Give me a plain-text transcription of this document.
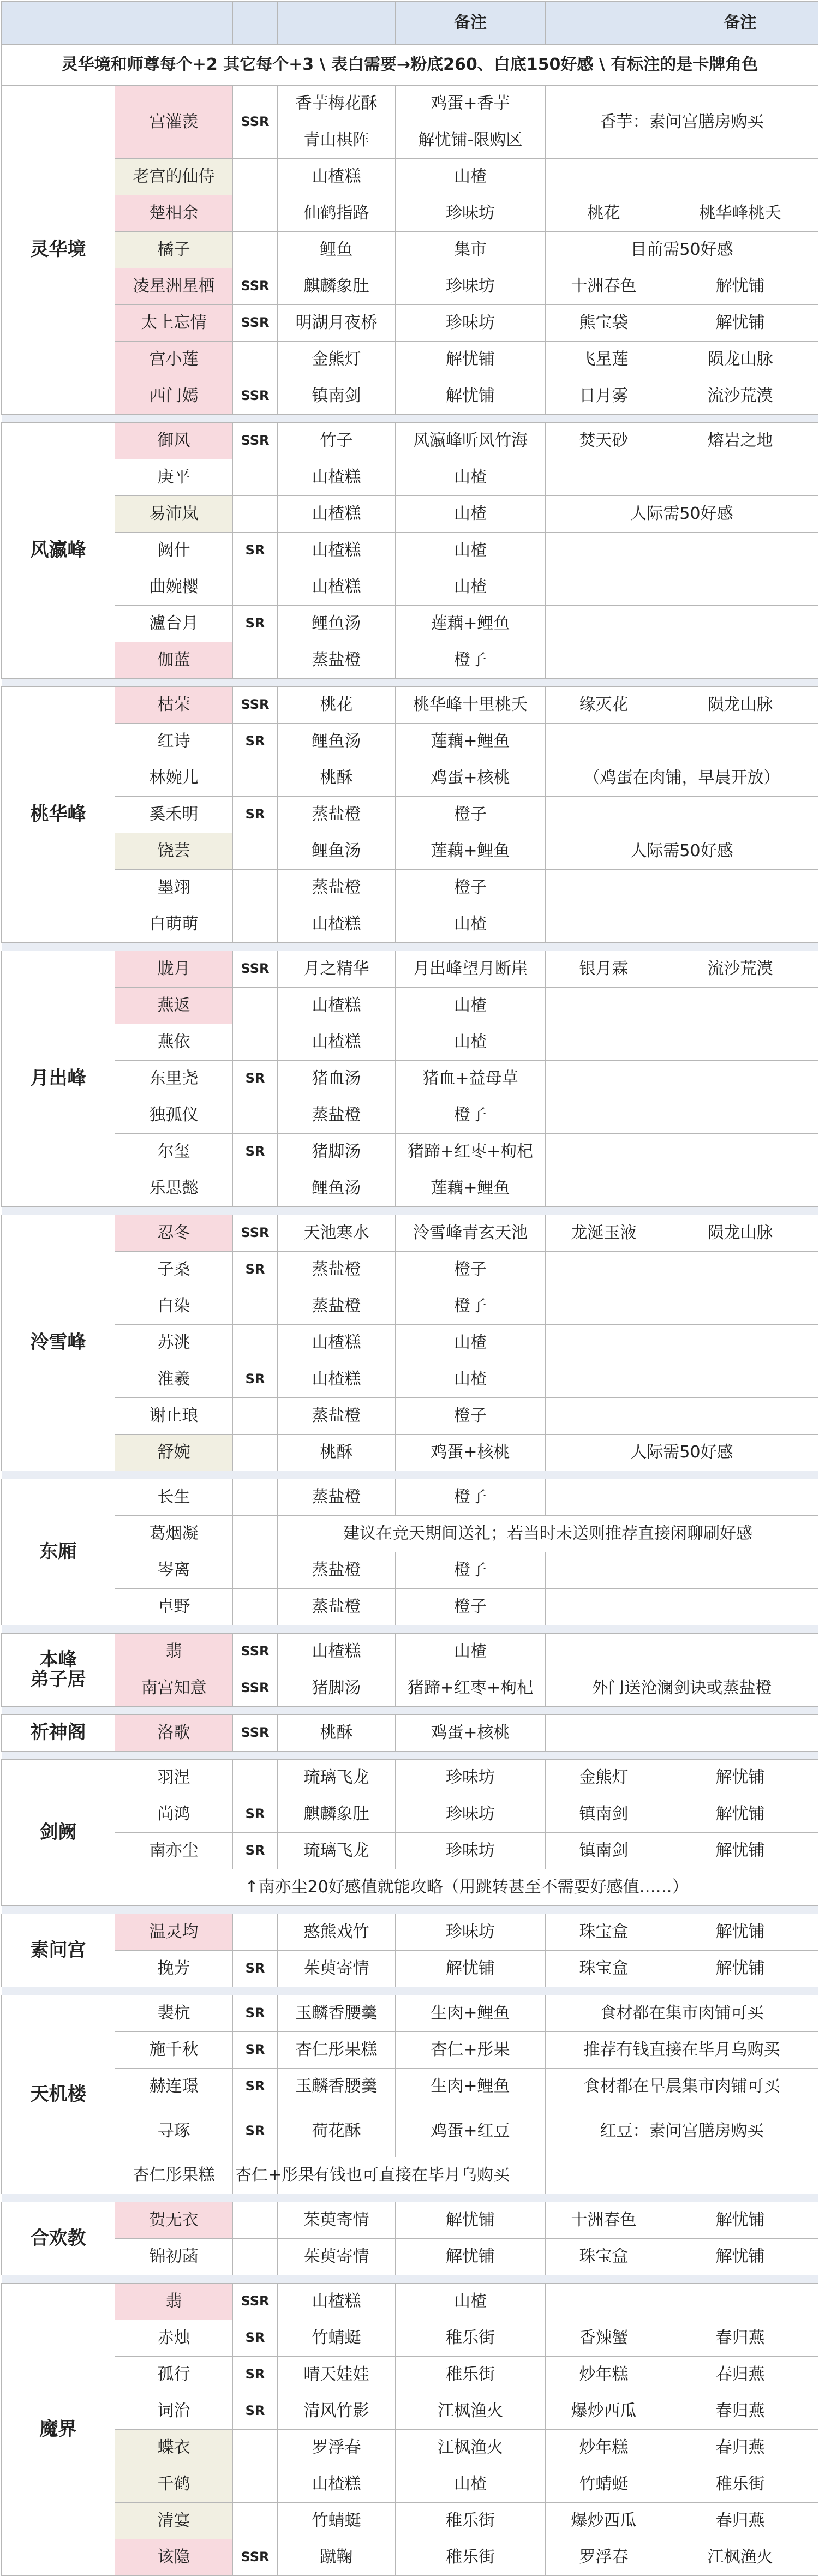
				备注		备注	
灵华境和师尊每个+2 其它每个+3 \ 表白需要→粉底260、白底150好感 \ 有标注的是卡牌角色							
灵华境	宫灌羡	SSR	香芋梅花酥	鸡蛋+香芋	香芋：素问宫膳房购买		
			青山棋阵	解忧铺-限购区			
	老宫的仙侍		山楂糕	山楂			
	楚相余		仙鹤指路	珍味坊	桃花	桃华峰桃夭	
	橘子		鲤鱼	集市	目前需50好感		
	凌星洲星栖	SSR	麒麟象肚	珍味坊	十洲春色	解忧铺	
	太上忘情	SSR	明湖月夜桥	珍味坊	熊宝袋	解忧铺	
	宫小莲		金熊灯	解忧铺	飞星莲	陨龙山脉	
	西门嫣	SSR	镇南剑	解忧铺	日月雾	流沙荒漠	

风瀛峰	御风	SSR	竹子	风瀛峰听风竹海	焚天砂	熔岩之地	
	庚平		山楂糕	山楂			
	易沛岚		山楂糕	山楂	人际需50好感		
	阙什	SR	山楂糕	山楂			
	曲婉樱		山楂糕	山楂			
	瀘台月	SR	鲤鱼汤	莲藕+鲤鱼			
	伽蓝		蒸盐橙	橙子			

桃华峰	枯荣	SSR	桃花	桃华峰十里桃夭	缘灭花	陨龙山脉	
	红诗	SR	鲤鱼汤	莲藕+鲤鱼			
	林婉儿		桃酥	鸡蛋+核桃	（鸡蛋在肉铺，早晨开放）		
	奚禾明	SR	蒸盐橙	橙子			
	饶芸		鲤鱼汤	莲藕+鲤鱼	人际需50好感		
	墨翊		蒸盐橙	橙子			
	白萌萌		山楂糕	山楂			

月出峰	胧月	SSR	月之精华	月出峰望月断崖	银月霖	流沙荒漠	
	燕返		山楂糕	山楂			
	燕依		山楂糕	山楂			
	东里尧	SR	猪血汤	猪血+益母草			
	独孤仪		蒸盐橙	橙子			
	尔玺	SR	猪脚汤	猪蹄+红枣+枸杞			
	乐思懿		鲤鱼汤	莲藕+鲤鱼			

泠雪峰	忍冬	SSR	天池寒水	泠雪峰青玄天池	龙涎玉液	陨龙山脉	
	子桑	SR	蒸盐橙	橙子			
	白染		蒸盐橙	橙子			
	苏洮		山楂糕	山楂			
	淮羲	SR	山楂糕	山楂			
	谢止琅		蒸盐橙	橙子			
	舒婉		桃酥	鸡蛋+核桃	人际需50好感		

东厢	长生		蒸盐橙	橙子			
	葛烟凝		建议在竞天期间送礼；若当时未送则推荐直接闲聊刷好感				
	岑离		蒸盐橙	橙子			
	卓野		蒸盐橙	橙子			

本峰
弟子居	翡	SSR	山楂糕	山楂			
	南宫知意	SSR	猪脚汤	猪蹄+红枣+枸杞	外门送沧澜剑诀或蒸盐橙		

祈神阁	洛歌	SSR	桃酥	鸡蛋+核桃			

剑阙	羽涅		琉璃飞龙	珍味坊	金熊灯	解忧铺	
	尚鸿	SR	麒麟象肚	珍味坊	镇南剑	解忧铺	
	南亦尘	SR	琉璃飞龙	珍味坊	镇南剑	解忧铺	
	↑南亦尘20好感值就能攻略（用跳转甚至不需要好感值……）						

素问宫	温灵均		憨熊戏竹	珍味坊	珠宝盒	解忧铺	
	挽芳	SR	茱萸寄情	解忧铺	珠宝盒	解忧铺	

天机楼	裴杭	SR	玉麟香腰羹	生肉+鲤鱼	食材都在集市肉铺可买		
	施千秋	SR	杏仁彤果糕	杏仁+彤果	推荐有钱直接在毕月乌购买		
	赫连璟	SR	玉麟香腰羹	生肉+鲤鱼	食材都在早晨集市肉铺可买		
	寻琢	SR	荷花酥	鸡蛋+红豆	红豆：素问宫膳房购买		
	杏仁彤果糕	杏仁+彤果	有钱也可直接在毕月乌购买				

合欢教	贺无衣		茱萸寄情	解忧铺	十洲春色	解忧铺	
	锦初菡		茱萸寄情	解忧铺	珠宝盒	解忧铺	

魔界	翡	SSR	山楂糕	山楂			
	赤烛	SR	竹蜻蜓	稚乐街	香辣蟹	春归燕	
	孤行	SR	晴天娃娃	稚乐街	炒年糕	春归燕	
	词治	SR	清风竹影	江枫渔火	爆炒西瓜	春归燕	
	蝶衣		罗浮春	江枫渔火	炒年糕	春归燕	
	千鹤		山楂糕	山楂	竹蜻蜓	稚乐街	
	清宴		竹蜻蜓	稚乐街	爆炒西瓜	春归燕	
	该隐	SSR	蹴鞠	稚乐街	罗浮春	江枫渔火	
